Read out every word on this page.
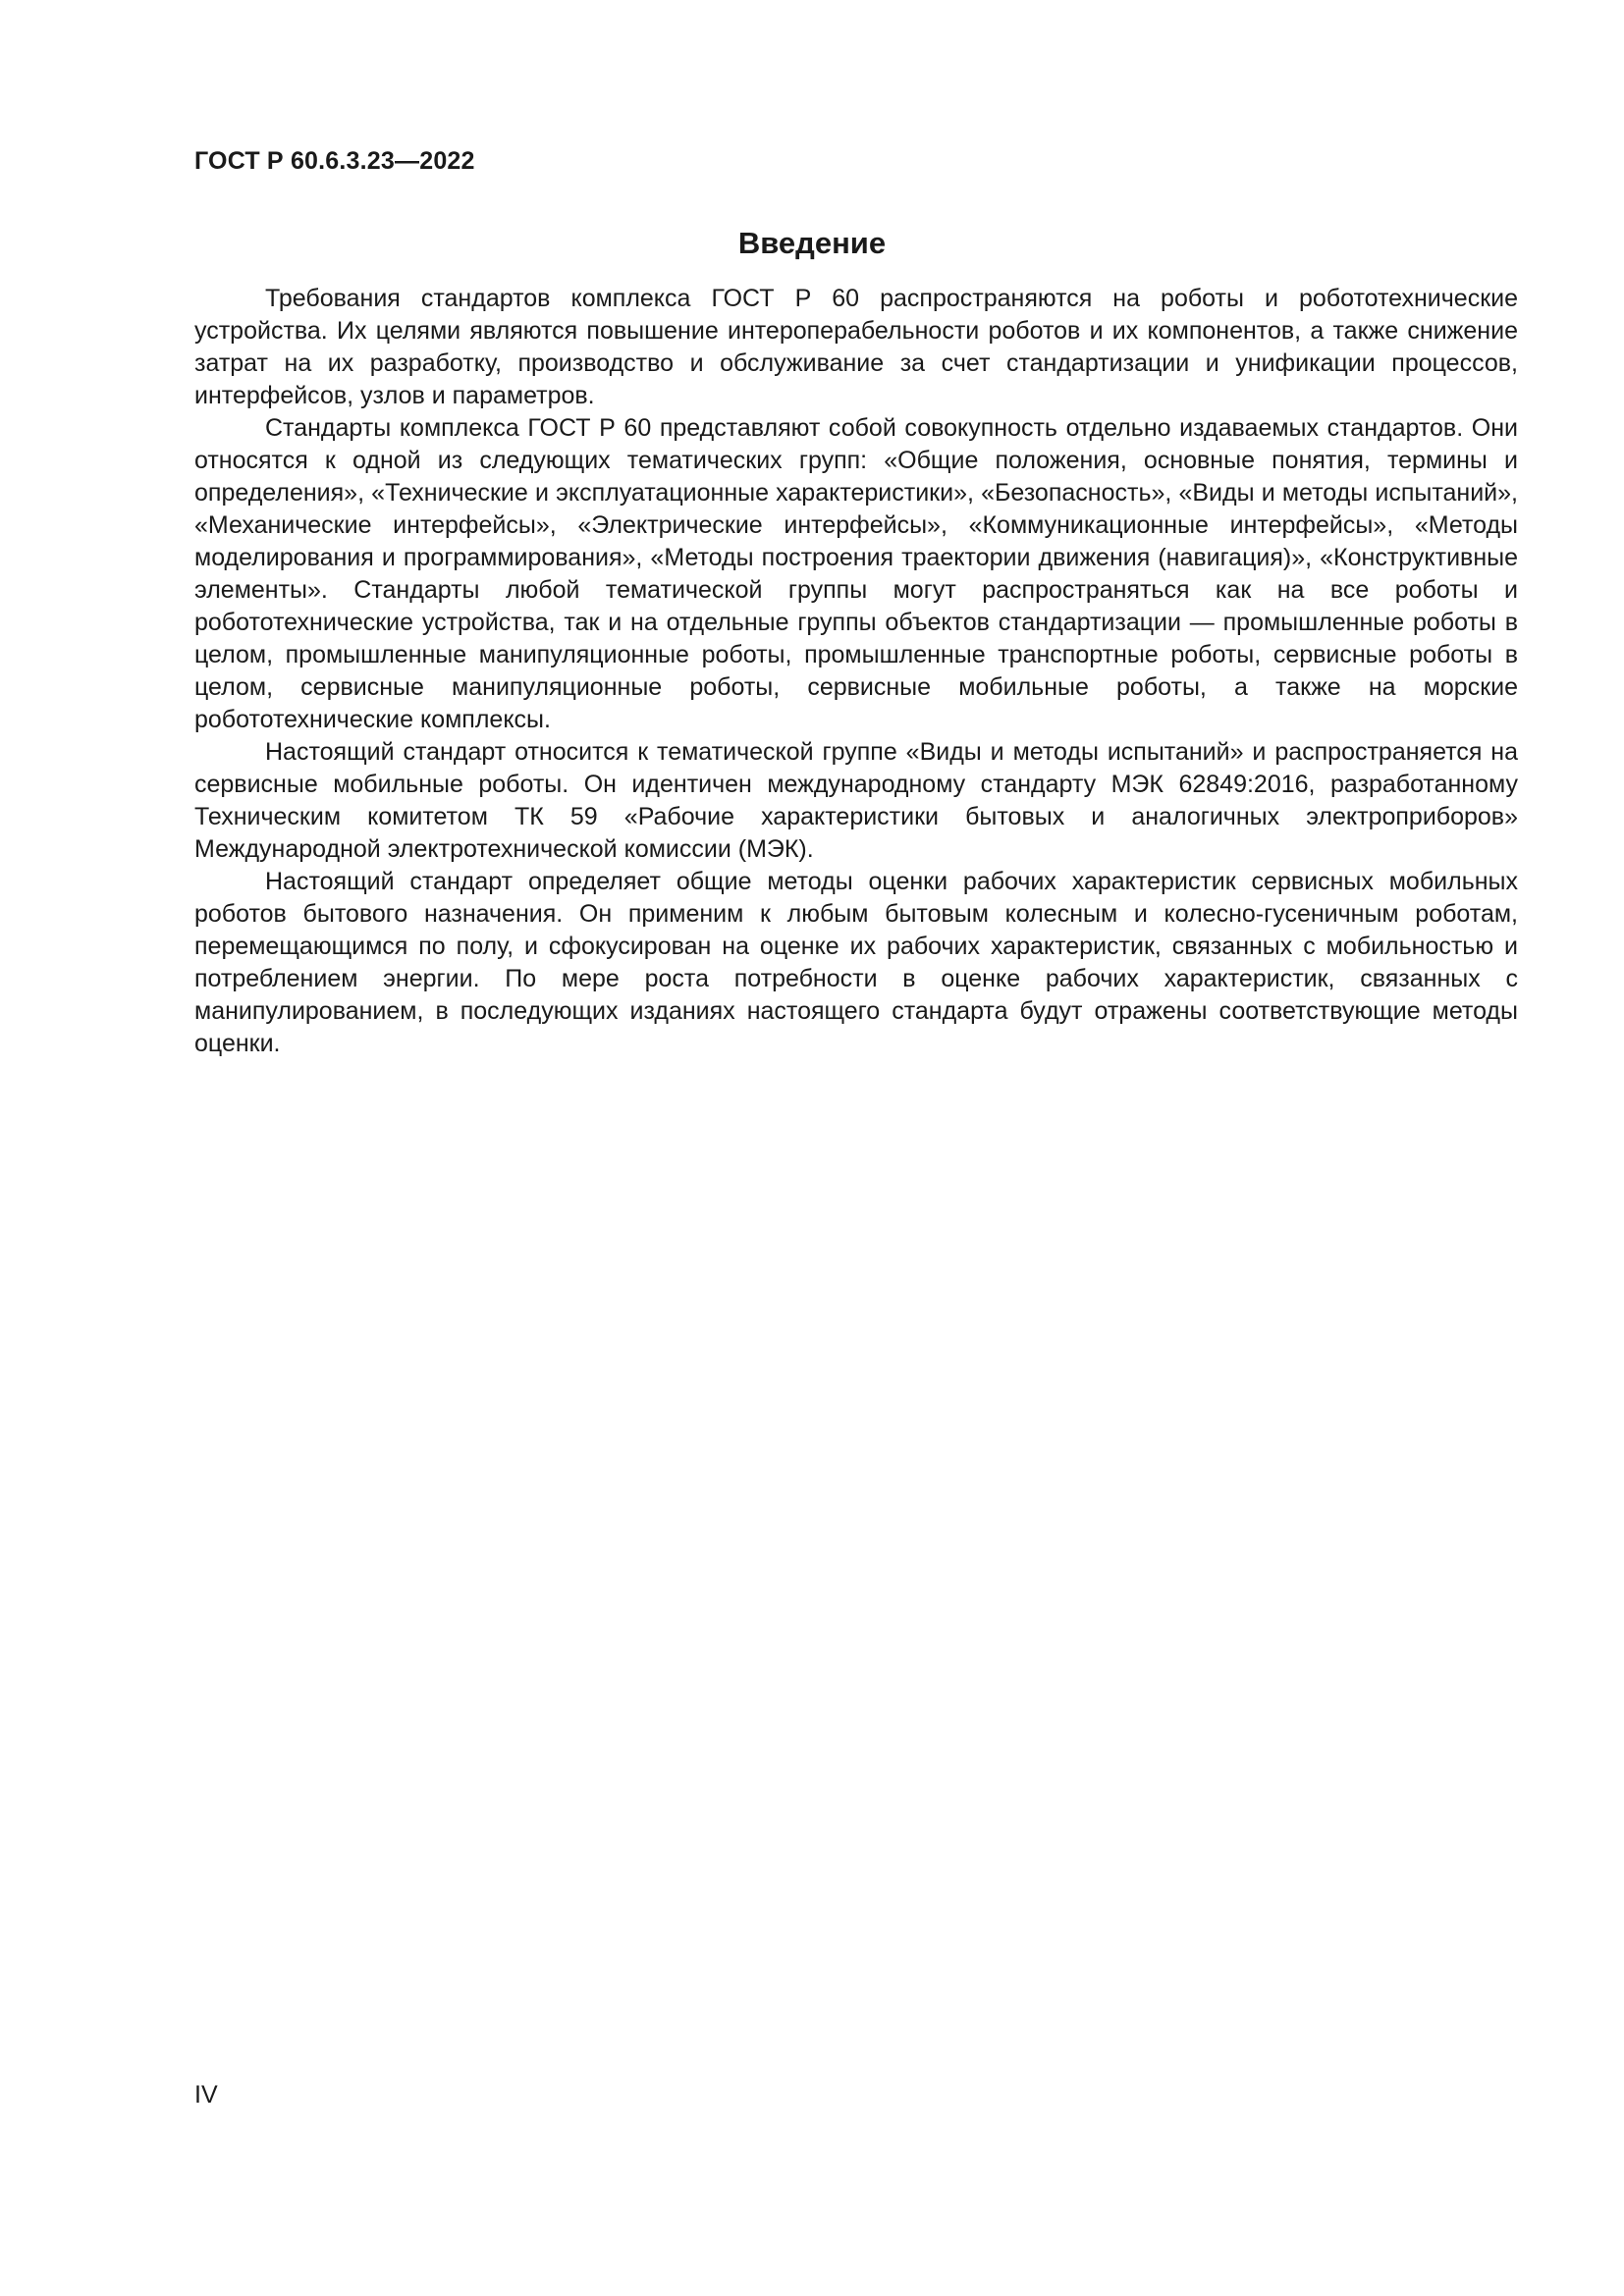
ГОСТ Р 60.6.3.23—2022
Введение

Требования стандартов комплекса ГОСТ Р 60 распространяются на роботы и робототехнические устройства. Их целями являются повышение интероперабельности роботов и их компонентов, а также снижение затрат на их разработку, производство и обслуживание за счет стандартизации и унификации процессов, интерфейсов, узлов и параметров.

Стандарты комплекса ГОСТ Р 60 представляют собой совокупность отдельно издаваемых стандартов. Они относятся к одной из следующих тематических групп: «Общие положения, основные понятия, термины и определения», «Технические и эксплуатационные характеристики», «Безопасность», «Виды и методы испытаний», «Механические интерфейсы», «Электрические интерфейсы», «Коммуникационные интерфейсы», «Методы моделирования и программирования», «Методы построения траектории движения (навигация)», «Конструктивные элементы». Стандарты любой тематической группы могут распространяться как на все роботы и робототехнические устройства, так и на отдельные группы объектов стандартизации — промышленные роботы в целом, промышленные манипуляционные роботы, промышленные транспортные роботы, сервисные роботы в целом, сервисные манипуляционные роботы, сервисные мобильные роботы, а также на морские робототехнические комплексы.

Настоящий стандарт относится к тематической группе «Виды и методы испытаний» и распространяется на сервисные мобильные роботы. Он идентичен международному стандарту МЭК 62849:2016, разработанному Техническим комитетом ТК 59 «Рабочие характеристики бытовых и аналогичных электроприборов» Международной электротехнической комиссии (МЭК).

Настоящий стандарт определяет общие методы оценки рабочих характеристик сервисных мобильных роботов бытового назначения. Он применим к любым бытовым колесным и колесно-гусеничным роботам, перемещающимся по полу, и сфокусирован на оценке их рабочих характеристик, связанных с мобильностью и потреблением энергии. По мере роста потребности в оценке рабочих характеристик, связанных с манипулированием, в последующих изданиях настоящего стандарта будут отражены соответствующие методы оценки.

IV
